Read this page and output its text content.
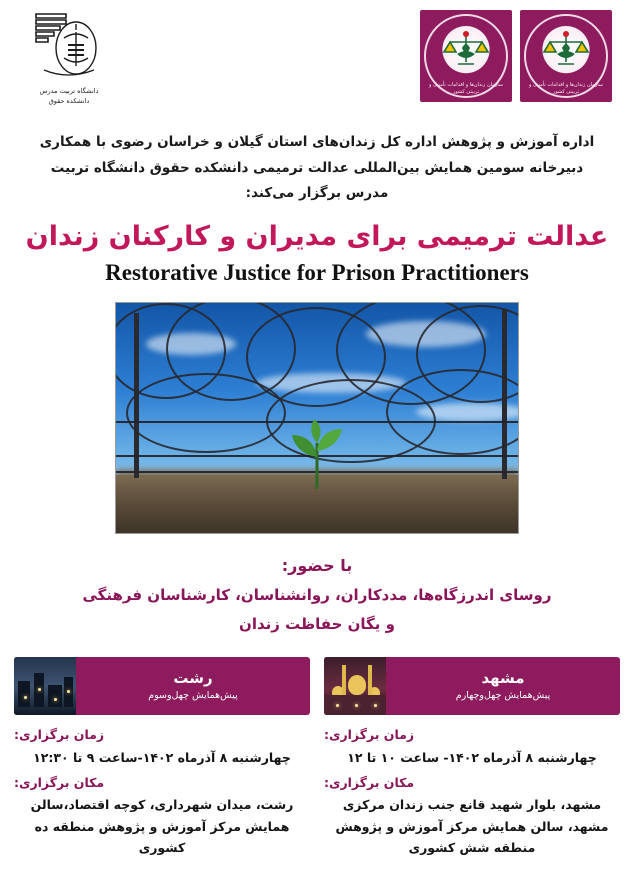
دانشگاه تربیت مدرس
دانشکده حقوق
سازمان زندان‌ها و اقدامات تأمینی و تربیتی کشور
سازمان زندان‌ها و اقدامات تأمینی و تربیتی کشور
اداره آموزش و پژوهش اداره کل زندان‌های استان گیلان و خراسان رضوی با همکاری
دبیرخانه سومین همایش بین‌المللی عدالت ترمیمی دانشکده حقوق دانشگاه تربیت مدرس برگزار می‌کند:
عدالت ترمیمی برای مدیران و کارکنان زندان
Restorative Justice for Prison Practitioners
با حضور:
روسای اندرزگاه‌ها، مددکاران، روانشناسان، کارشناسان فرهنگی
و یگان حفاظت زندان
رشت
پیش‌همایش چهل‌وسوم
زمان برگزاری:
چهارشنبه ۸ آذرماه ۱۴۰۲-ساعت ۹ تا ۱۲:۳۰
مکان برگزاری:
رشت، میدان شهرداری، کوچه اقتصاد،سالن همایش مرکز آموزش و پژوهش منطقه ده کشوری
مشهد
پیش‌همایش چهل‌وچهارم
زمان برگزاری:
چهارشنبه ۸ آذرماه ۱۴۰۲- ساعت ۱۰ تا ۱۲
مکان برگزاری:
مشهد، بلوار شهید قانع جنب زندان مرکزی مشهد، سالن همایش مرکز آموزش و پژوهش منطقه شش کشوری
